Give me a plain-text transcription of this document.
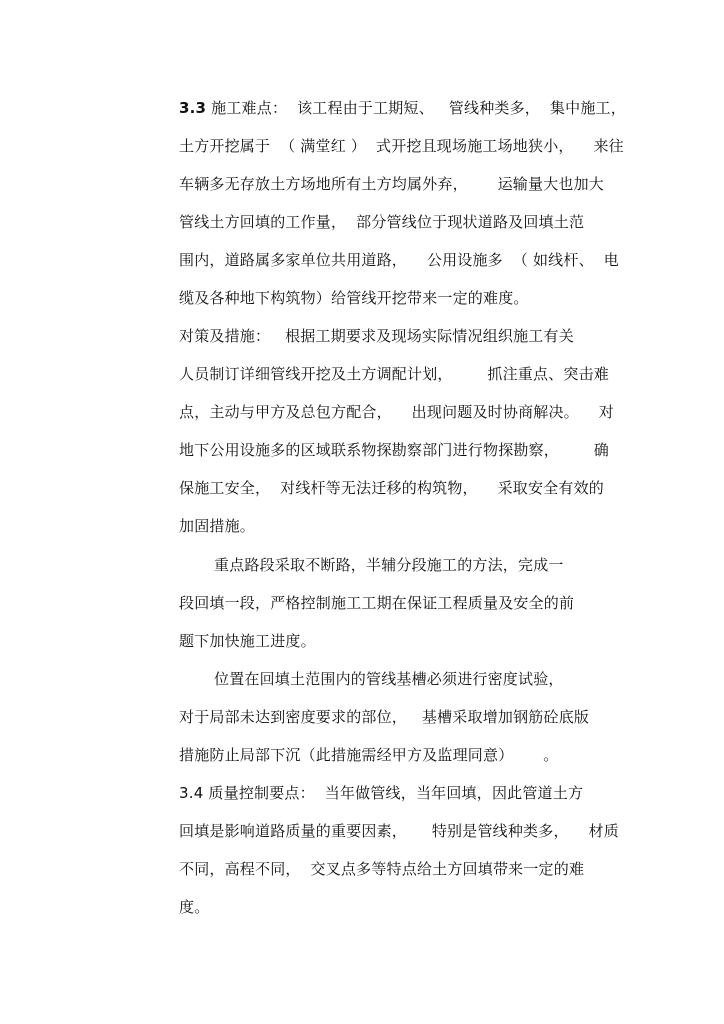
3.3 施工难点：  该工程由于工期短、   管线种类多，  集中施工，
土方开挖属于  （ 满堂红 ）  式开挖且现场施工场地狭小，    来往
车辆多无存放土方场地所有土方均属外弃，      运输量大也加大
管线土方回填的工作量，  部分管线位于现状道路及回填土范
围内，道路属多家单位共用道路，    公用设施多  （ 如线杆、  电
缆及各种地下构筑物）给管线开挖带来一定的难度。
对策及措施：   根据工期要求及现场实际情况组织施工有关
人员制订详细管线开挖及土方调配计划，       抓注重点、突击难
点，主动与甲方及总包方配合，    出现问题及时协商解决。    对
地下公用设施多的区域联系物探勘察部门进行物探勘察，       确
保施工安全，  对线杆等无法迁移的构筑物，    采取安全有效的
加固措施。
重点路段采取不断路，半辅分段施工的方法，完成一
段回填一段，严格控制施工工期在保证工程质量及安全的前
题下加快施工进度。
位置在回填土范围内的管线基槽必须进行密度试验，
对于局部未达到密度要求的部位，   基槽采取增加钢筋砼底版
措施防止局部下沉（此措施需经甲方及监理同意）      。
3.4 质量控制要点：  当年做管线，当年回填，因此管道土方
回填是影响道路质量的重要因素，     特别是管线种类多，    材质
不同，高程不同，  交叉点多等特点给土方回填带来一定的难
度。
